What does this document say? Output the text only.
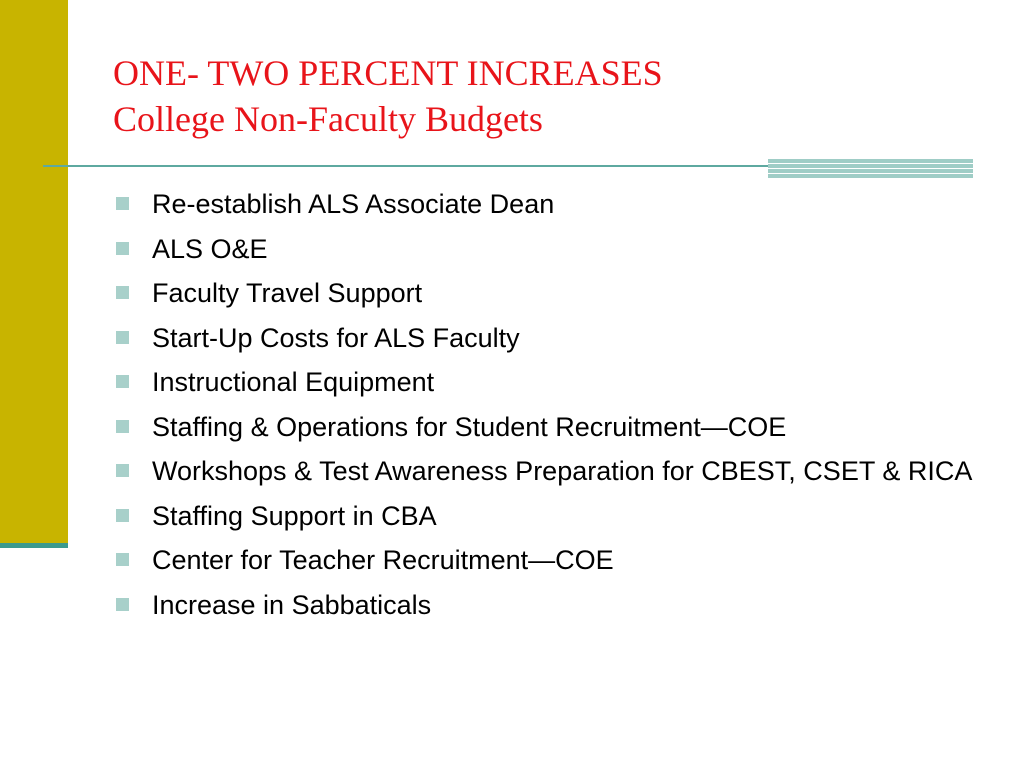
ONE- TWO PERCENT INCREASES
College Non-Faculty Budgets
Re-establish ALS Associate Dean
ALS O&E
Faculty Travel Support
Start-Up Costs for ALS Faculty
Instructional Equipment
Staffing & Operations for Student Recruitment—COE
Workshops & Test Awareness Preparation for CBEST, CSET & RICA
Staffing Support in CBA
Center for Teacher Recruitment—COE
Increase in Sabbaticals
